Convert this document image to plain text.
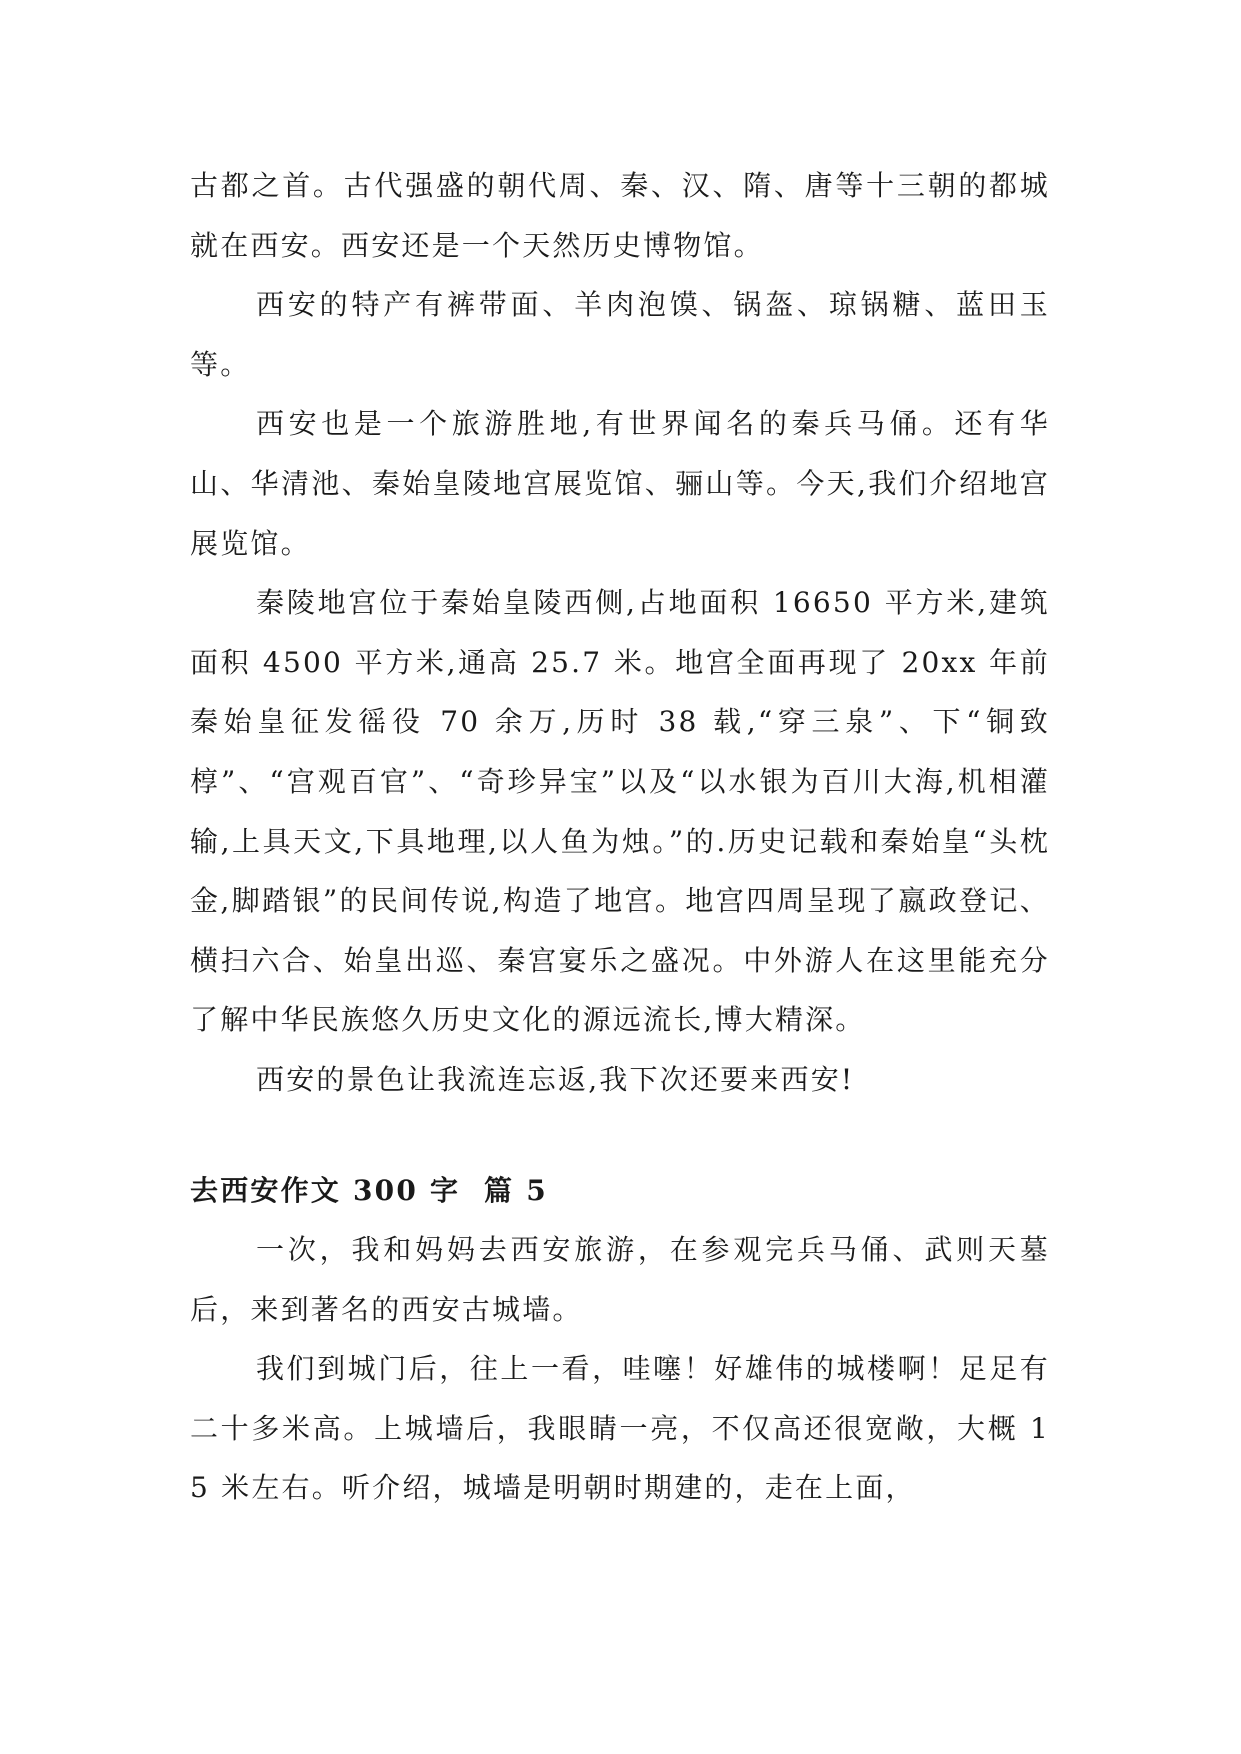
古都之首。古代强盛的朝代周、秦、汉、隋、唐等十三朝的都城就在西安。西安还是一个天然历史博物馆。

西安的特产有裤带面、羊肉泡馍、锅盔、琼锅糖、蓝田玉等。

西安也是一个旅游胜地,有世界闻名的秦兵马俑。还有华山、华清池、秦始皇陵地宫展览馆、骊山等。今天,我们介绍地宫展览馆。

秦陵地宫位于秦始皇陵西侧,占地面积 16650 平方米,建筑面积 4500 平方米,通高 25.7 米。地宫全面再现了 20xx 年前秦始皇征发徭役 70 余万,历时 38 载,“穿三泉”、下“铜致椁”、“宫观百官”、“奇珍异宝”以及“以水银为百川大海,机相灌输,上具天文,下具地理,以人鱼为烛。”的.历史记载和秦始皇“头枕金,脚踏银”的民间传说,构造了地宫。地宫四周呈现了嬴政登记、横扫六合、始皇出巡、秦宫宴乐之盛况。中外游人在这里能充分了解中华民族悠久历史文化的源远流长,博大精深。

西安的景色让我流连忘返,我下次还要来西安!

去西安作文 300 字  篇 5

一次，我和妈妈去西安旅游，在参观完兵马俑、武则天墓后，来到著名的西安古城墙。

我们到城门后，往上一看，哇噻！好雄伟的城楼啊！足足有二十多米高。上城墙后，我眼睛一亮，不仅高还很宽敞，大概 15 米左右。听介绍，城墙是明朝时期建的，走在上面，
